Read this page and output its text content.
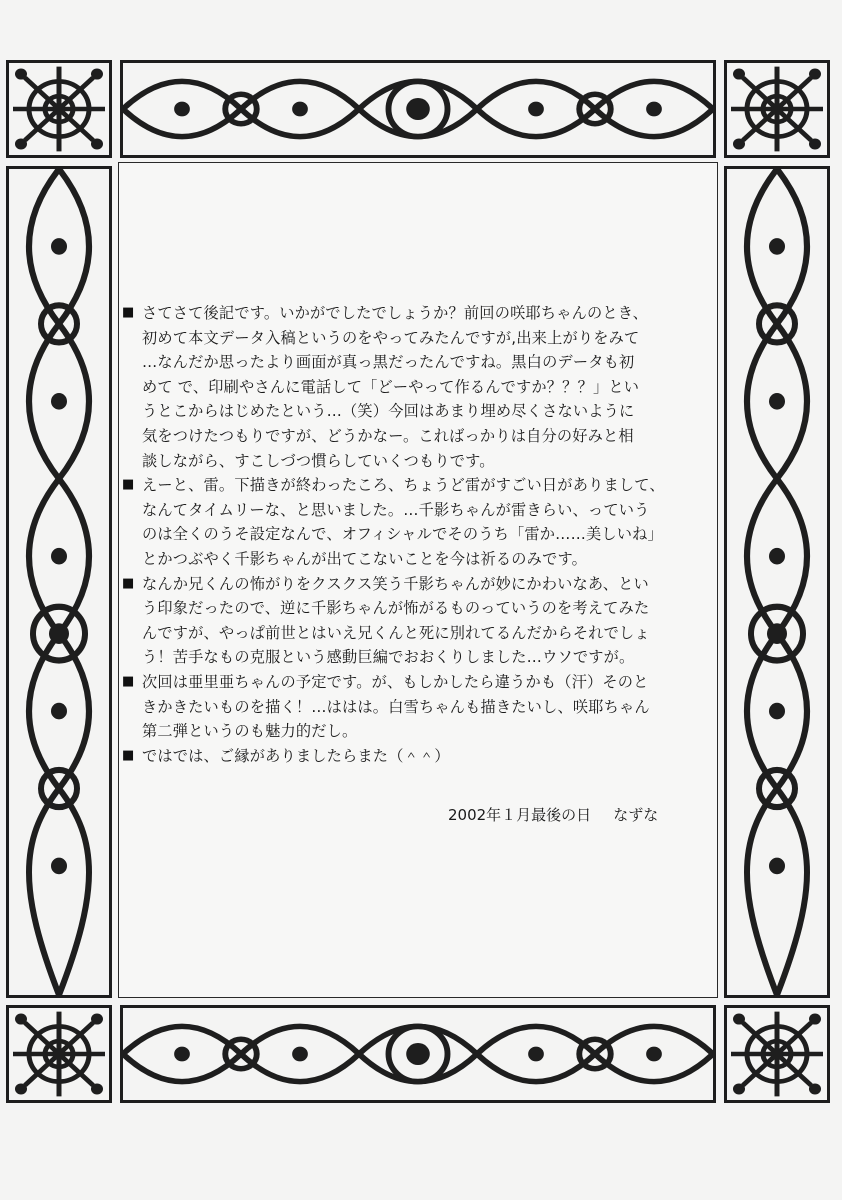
■ さてさて後記です。いかがでしたでしょうか？前回の咲耶ちゃんのとき、
初めて本文データ入稿というのをやってみたんですが,出来上がりをみて
…なんだか思ったより画面が真っ黒だったんですね。黒白のデータも初
めて で、印刷やさんに電話して「どーやって作るんですか？？？」とい
うとこからはじめたという…（笑）今回はあまり埋め尽くさないように
気をつけたつもりですが、どうかなー。こればっかりは自分の好みと相
談しながら、すこしづつ慣らしていくつもりです。
■ えーと、雷。下描きが終わったころ、ちょうど雷がすごい日がありまして、
なんてタイムリーな、と思いました。…千影ちゃんが雷きらい、っていう
のは全くのうそ設定なんで、オフィシャルでそのうち「雷か……美しいね」
とかつぶやく千影ちゃんが出てこないことを今は祈るのみです。
■ なんか兄くんの怖がりをクスクス笑う千影ちゃんが妙にかわいなあ、とい
う印象だったので、逆に千影ちゃんが怖がるものっていうのを考えてみた
んですが、やっぱ前世とはいえ兄くんと死に別れてるんだからそれでしょ
う！苦手なもの克服という感動巨編でおおくりしました…ウソですが。
■ 次回は亜里亜ちゃんの予定です。が、もしかしたら違うかも（汗）そのと
きかきたいものを描く！…ははは。白雪ちゃんも描きたいし、咲耶ちゃん
第二弾というのも魅力的だし。
■ ではでは、ご縁がありましたらまた（＾＾）
2002年１月最後の日 なずな
